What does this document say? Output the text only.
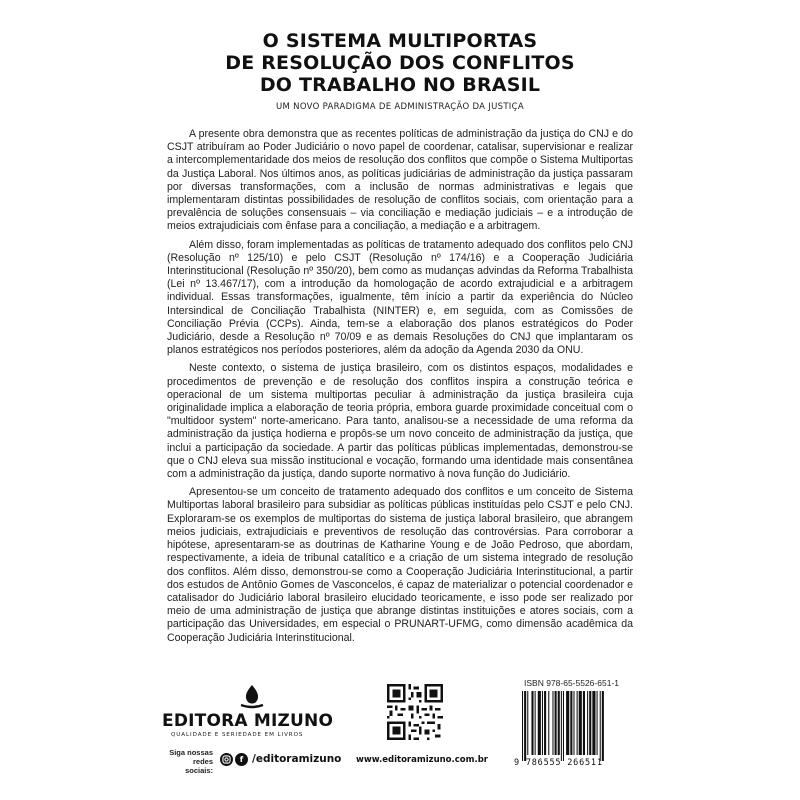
O SISTEMA MULTIPORTAS
DE RESOLUÇÃO DOS CONFLITOS
DO TRABALHO NO BRASIL
UM NOVO PARADIGMA DE ADMINISTRAÇÃO DA JUSTIÇA

A presente obra demonstra que as recentes políticas de administração da justiça do CNJ e do CSJT atribuíram ao Poder Judiciário o novo papel de coordenar, catalisar, supervisionar e realizar a intercomplementaridade dos meios de resolução dos conflitos que compõe o Sistema Multiportas da Justiça Laboral. Nos últimos anos, as políticas judiciárias de administração da justiça passaram por diversas transformações, com a inclusão de normas administrativas e legais que implementaram distintas possibilidades de resolução de conflitos sociais, com orientação para a prevalência de soluções consensuais – via conciliação e mediação judiciais – e a introdução de meios extrajudiciais com ênfase para a conciliação, a mediação e a arbitragem.

Além disso, foram implementadas as políticas de tratamento adequado dos conflitos pelo CNJ (Resolução nº 125/10) e pelo CSJT (Resolução nº 174/16) e a Cooperação Judiciária Interinstitucional (Resolução nº 350/20), bem como as mudanças advindas da Reforma Trabalhista (Lei nº 13.467/17), com a introdução da homologação de acordo extrajudicial e a arbitragem individual. Essas transformações, igualmente, têm início a partir da experiência do Núcleo Intersindical de Conciliação Trabalhista (NINTER) e, em seguida, com as Comissões de Conciliação Prévia (CCPs). Ainda, tem-se a elaboração dos planos estratégicos do Poder Judiciário, desde a Resolução nº 70/09 e as demais Resoluções do CNJ que implantaram os planos estratégicos nos períodos posteriores, além da adoção da Agenda 2030 da ONU.

Neste contexto, o sistema de justiça brasileiro, com os distintos espaços, modalidades e procedimentos de prevenção e de resolução dos conflitos inspira a construção teórica e operacional de um sistema multiportas peculiar à administração da justiça brasileira cuja originalidade implica a elaboração de teoria própria, embora guarde proximidade conceitual com o "multidoor system" norte-americano. Para tanto, analisou-se a necessidade de uma reforma da administração da justiça hodierna e propôs-se um novo conceito de administração da justiça, que inclui a participação da sociedade. A partir das políticas públicas implementadas, demonstrou-se que o CNJ eleva sua missão institucional e vocação, formando uma identidade mais consentânea com a administração da justiça, dando suporte normativo à nova função do Judiciário.

Apresentou-se um conceito de tratamento adequado dos conflitos e um conceito de Sistema Multiportas laboral brasileiro para subsidiar as políticas públicas instituídas pelo CSJT e pelo CNJ. Exploraram-se os exemplos de multiportas do sistema de justiça laboral brasileiro, que abrangem meios judiciais, extrajudiciais e preventivos de resolução das controvérsias. Para corroborar a hipótese, apresentaram-se as doutrinas de Katharine Young e de João Pedroso, que abordam, respectivamente, a ideia de tribunal catalítico e a criação de um sistema integrado de resolução dos conflitos. Além disso, demonstrou-se como a Cooperação Judiciária Interinstitucional, a partir dos estudos de Antônio Gomes de Vasconcelos, é capaz de materializar o potencial coordenador e catalisador do Judiciário laboral brasileiro elucidado teoricamente, e isso pode ser realizado por meio de uma administração de justiça que abrange distintas instituições e atores sociais, com a participação das Universidades, em especial o PRUNART-UFMG, como dimensão acadêmica da Cooperação Judiciária Interinstitucional.

EDITORA MIZUNO
QUALIDADE E SERIEDADE EM LIVROS
Siga nossas
redes sociais:
f /editoramizuno	www.editoramizuno.com.br
ISBN 978-65-5526-651-1
9 786555 266511
